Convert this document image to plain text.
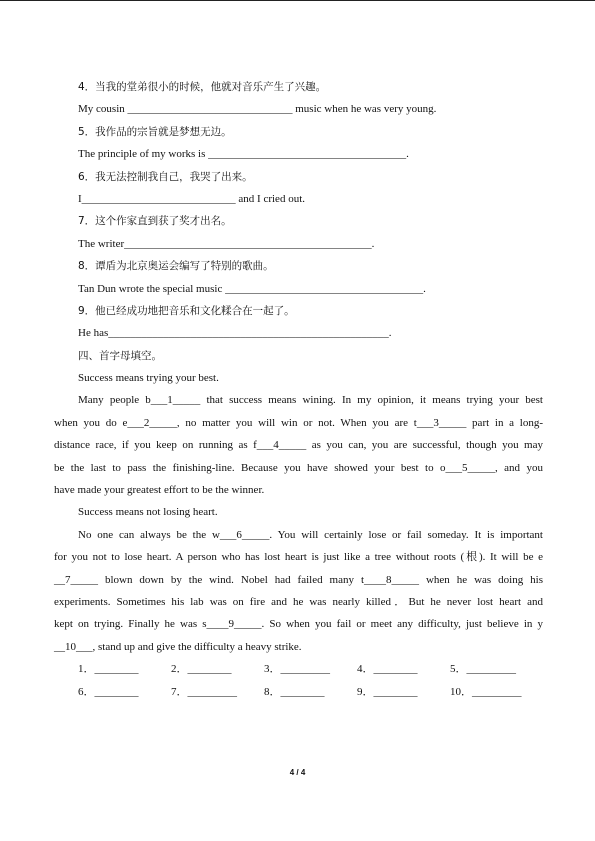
4．当我的堂弟很小的时候，他就对音乐产生了兴趣。
My cousin ______________________________ music when he was very young.
5．我作品的宗旨就是梦想无边。
The principle of my works is ____________________________________.
6．我无法控制我自己，我哭了出来。
I____________________________ and I cried out.
7．这个作家直到获了奖才出名。
The writer_____________________________________________.
8．谭盾为北京奥运会编写了特别的歌曲。
Tan Dun wrote the special music ____________________________________.
9．他已经成功地把音乐和文化糅合在一起了。
He has___________________________________________________.
四、首字母填空。
Success means trying your best.
Many people b___1_____ that success means wining. In my opinion, it means trying your best
when you do e___2_____, no matter you will win or not. When you are t___3_____ part in a long-
distance race, if you keep on running as f___4_____ as you can, you are successful, though you may
be the last to pass the finishing-line. Because you have showed your best to o___5_____, and you
have made your greatest effort to be the winner.
Success means not losing heart.
No one can always be the w___6_____. You will certainly lose or fail someday. It is important
for you not to lose heart. A person who has lost heart is just like a tree without roots (根). It will be e
__7_____ blown down by the wind. Nobel had failed many t____8_____ when he was doing his
experiments. Sometimes his lab was on fire and he was nearly killed．But he never lost heart and
kept on trying. Finally he was s____9_____. So when you fail or meet any difficulty, just believe in y
__10___, stand up and give the difficulty a heavy strike.
1．________	2．________	3．_________	4．________	5．_________
6．________	7．_________	8．________	9．________	10．_________
4 / 4
